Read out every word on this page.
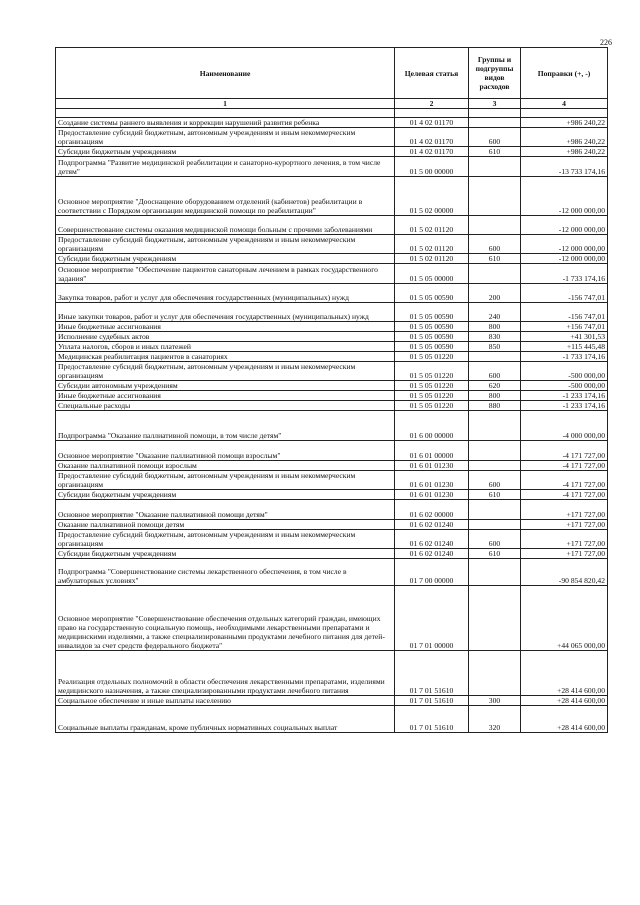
226
Наименование	Целевая статья	Группы и подгруппы видов расходов	Поправки (+, -)
1	2	3	4

Создание системы раннего выявления и коррекции нарушений развития ребенка	01 4 02 01170		+986 240,22
Предоставление субсидий бюджетным, автономным учреждениям и иным некоммерческим организациям	01 4 02 01170	600	+986 240,22
Субсидии бюджетным учреждениям	01 4 02 01170	610	+986 240,22
Подпрограмма "Развитие медицинской реабилитации и санаторно-курортного лечения, в том числе детям"	01 5 00 00000		-13 733 174,16
Основное мероприятие "Дооснащение оборудованием отделений (кабинетов) реабилитации в соответствии с Порядком организации медицинской помощи по реабилитации"	01 5 02 00000		-12 000 000,00
Совершенствование системы оказания медицинской помощи больным с прочими заболеваниями	01 5 02 01120		-12 000 000,00
Предоставление субсидий бюджетным, автономным учреждениям и иным некоммерческим организациям	01 5 02 01120	600	-12 000 000,00
Субсидии бюджетным учреждениям	01 5 02 01120	610	-12 000 000,00
Основное мероприятие "Обеспечение пациентов санаторным лечением в рамках государственного задания"	01 5 05 00000		-1 733 174,16
Закупка товаров, работ и услуг для обеспечения государственных (муниципальных) нужд	01 5 05 00590	200	-156 747,01
Иные закупки товаров, работ и услуг для обеспечения государственных (муниципальных) нужд	01 5 05 00590	240	-156 747,01
Иные бюджетные ассигнования	01 5 05 00590	800	+156 747,01
Исполнение судебных актов	01 5 05 00590	830	+41 301,53
Уплата налогов, сборов и иных платежей	01 5 05 00590	850	+115 445,48
Медицинская реабилитация пациентов в санаториях	01 5 05 01220		-1 733 174,16
Предоставление субсидий бюджетным, автономным учреждениям и иным некоммерческим организациям	01 5 05 01220	600	-500 000,00
Субсидии автономным учреждениям	01 5 05 01220	620	-500 000,00
Иные бюджетные ассигнования	01 5 05 01220	800	-1 233 174,16
Специальные расходы	01 5 05 01220	880	-1 233 174,16
Подпрограмма "Оказание паллиативной помощи, в том числе детям"	01 6 00 00000		-4 000 000,00
Основное мероприятие "Оказание паллиативной помощи взрослым"	01 6 01 00000		-4 171 727,00
Оказание паллиативной помощи взрослым	01 6 01 01230		-4 171 727,00
Предоставление субсидий бюджетным, автономным учреждениям и иным некоммерческим организациям	01 6 01 01230	600	-4 171 727,00
Субсидии бюджетным учреждениям	01 6 01 01230	610	-4 171 727,00
Основное мероприятие "Оказание паллиативной помощи детям"	01 6 02 00000		+171 727,00
Оказание паллиативной помощи детям	01 6 02 01240		+171 727,00
Предоставление субсидий бюджетным, автономным учреждениям и иным некоммерческим организациям	01 6 02 01240	600	+171 727,00
Субсидии бюджетным учреждениям	01 6 02 01240	610	+171 727,00
Подпрограмма "Совершенствование системы лекарственного обеспечения, в том числе в амбулаторных условиях"	01 7 00 00000		-90 854 820,42
Основное мероприятие "Совершенствование обеспечения отдельных категорий граждан, имеющих право на государственную социальную помощь, необходимыми лекарственными препаратами и медицинскими изделиями, а также специализированными продуктами лечебного питания для детей-инвалидов за счет средств федерального бюджета"	01 7 01 00000		+44 065 000,00
Реализация отдельных полномочий в области обеспечения лекарственными препаратами, изделиями медицинского назначения, а также специализированными продуктами лечебного питания	01 7 01 51610		+28 414 600,00
Социальное обеспечение и иные выплаты населению	01 7 01 51610	300	+28 414 600,00
Социальные выплаты гражданам, кроме публичных нормативных социальных выплат	01 7 01 51610	320	+28 414 600,00
